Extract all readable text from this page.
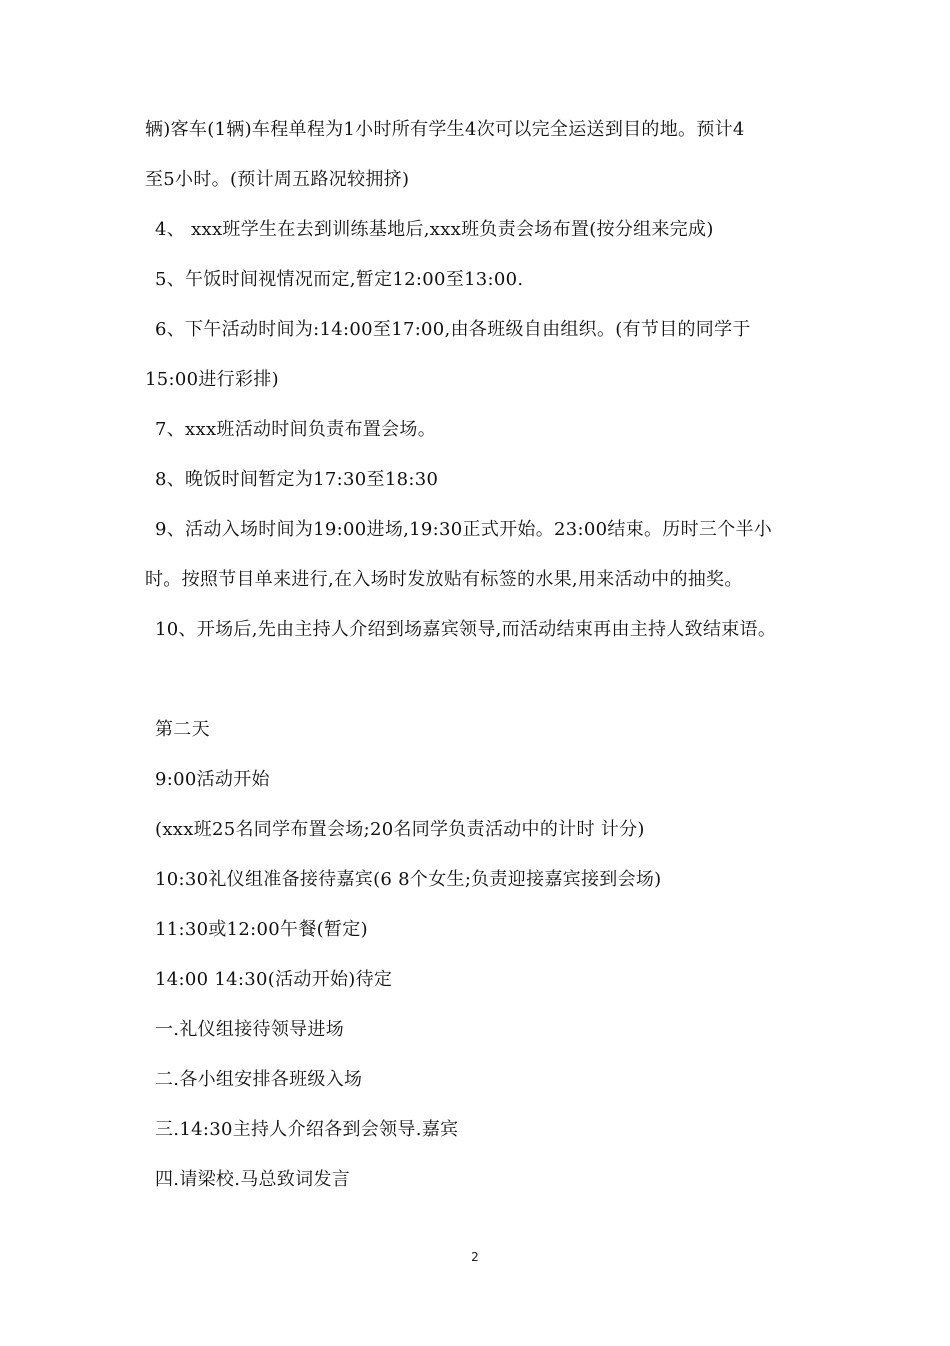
辆)客车(1辆)车程单程为1小时所有学生4次可以完全运送到目的地。预计4
至5小时。(预计周五路况较拥挤)
4、 xxx班学生在去到训练基地后,xxx班负责会场布置(按分组来完成)
5、午饭时间视情况而定,暂定12:00至13:00.
6、下午活动时间为:14:00至17:00,由各班级自由组织。(有节目的同学于
15:00进行彩排)
7、xxx班活动时间负责布置会场。
8、晚饭时间暂定为17:30至18:30
9、活动入场时间为19:00进场,19:30正式开始。23:00结束。历时三个半小
时。按照节目单来进行,在入场时发放贴有标签的水果,用来活动中的抽奖。
10、开场后,先由主持人介绍到场嘉宾领导,而活动结束再由主持人致结束语。
第二天
9:00活动开始
(xxx班25名同学布置会场;20名同学负责活动中的计时 计分)
10:30礼仪组准备接待嘉宾(6 8个女生;负责迎接嘉宾接到会场)
11:30或12:00午餐(暂定)
14:00 14:30(活动开始)待定
一.礼仪组接待领导进场
二.各小组安排各班级入场
三.14:30主持人介绍各到会领导.嘉宾
四.请梁校.马总致词发言
2
